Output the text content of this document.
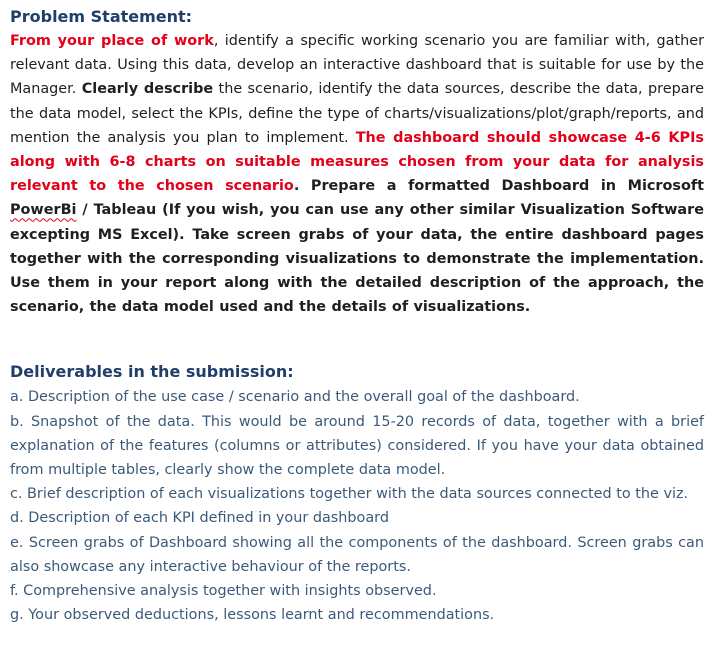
Problem Statement:

From your place of work, identify a specific working scenario you are familiar with, gather relevant data. Using this data, develop an interactive dashboard that is suitable for use by the Manager. Clearly describe the scenario, identify the data sources, describe the data, prepare the data model, select the KPIs, define the type of charts/visualizations/plot/graph/reports, and mention the analysis you plan to implement. The dashboard should showcase 4-6 KPIs along with 6-8 charts on suitable measures chosen from your data for analysis relevant to the chosen scenario. Prepare a formatted Dashboard in Microsoft PowerBi / Tableau (If you wish, you can use any other similar Visualization Software excepting MS Excel). Take screen grabs of your data, the entire dashboard pages together with the corresponding visualizations to demonstrate the implementation. Use them in your report along with the detailed description of the approach, the scenario, the data model used and the details of visualizations.

Deliverables in the submission:
a. Description of the use case / scenario and the overall goal of the dashboard.
b. Snapshot of the data. This would be around 15-20 records of data, together with a brief explanation of the features (columns or attributes) considered. If you have your data obtained from multiple tables, clearly show the complete data model.
c. Brief description of each visualizations together with the data sources connected to the viz.
d. Description of each KPI defined in your dashboard
e. Screen grabs of Dashboard showing all the components of the dashboard. Screen grabs can also showcase any interactive behaviour of the reports.
f. Comprehensive analysis together with insights observed.
g. Your observed deductions, lessons learnt and recommendations.
